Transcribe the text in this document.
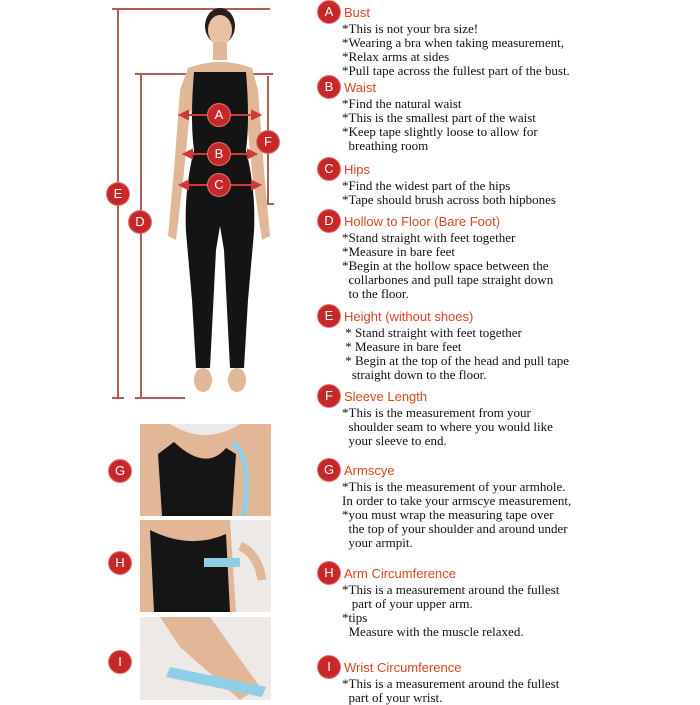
A
B
C
D
E
F
G
H
I
A Bust
*This is not your bra size!
*Wearing a bra when taking measurement,
*Relax arms at sides
*Pull tape across the fullest part of the bust.
B Waist
*Find the natural waist
*This is the smallest part of the waist
*Keep tape slightly loose to allow for
breathing room
C Hips
*Find the widest part of the hips
*Tape should brush across both hipbones
D Hollow to Floor (Bare Foot)
*Stand straight with feet together
*Measure in bare feet
*Begin at the hollow space between the
collarbones and pull tape straight down
to the floor.
E Height (without shoes)
* Stand straight with feet together
* Measure in bare feet
* Begin at the top of the head and pull tape
straight down to the floor.
F Sleeve Length
*This is the measurement from your
shoulder seam to where you would like
your sleeve to end.
G Armscye
*This is the measurement of your armhole.
In order to take your armscye measurement,
*you must wrap the measuring tape over
the top of your shoulder and around under
your armpit.
H Arm Circumference
*This is a measurement around the fullest
part of your upper arm.
*tips
Measure with the muscle relaxed.
I	Wrist Circumference
*This is a measurement around the fullest
part of your wrist.
